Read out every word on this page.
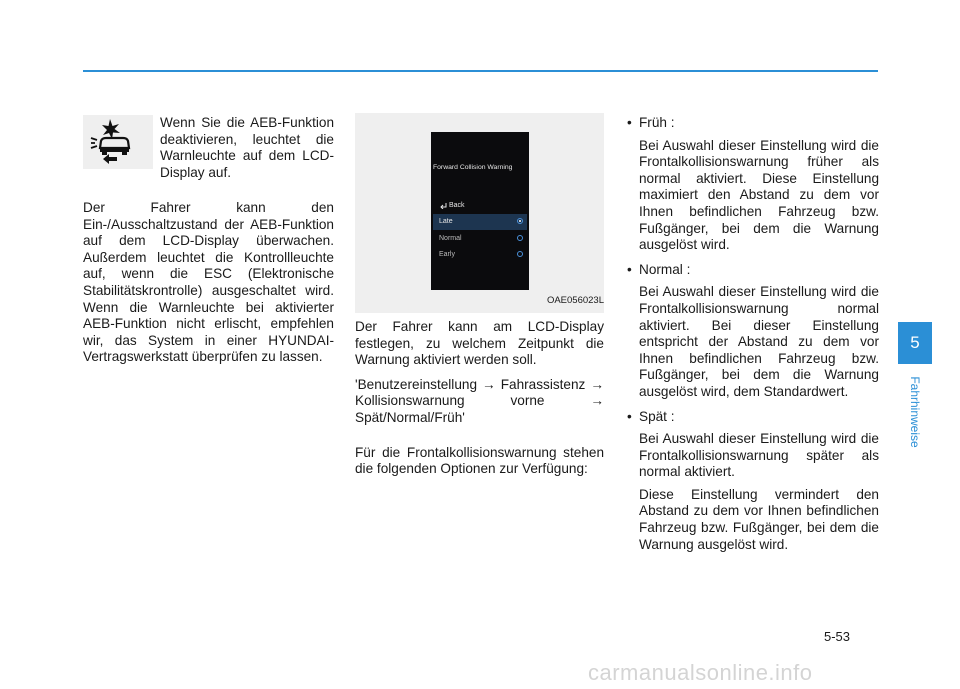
Wenn Sie die AEB-Funktion deaktivieren, leuchtet die Warnleuchte auf dem LCD-Display auf.

Der Fahrer kann den Ein-/Ausschaltzustand der AEB-Funktion auf dem LCD-Display überwachen. Außerdem leuchtet die Kontrollleuchte auf, wenn die ESC (Elektronische Stabilitätskrontrolle) ausgeschaltet wird. Wenn die Warnleuchte bei aktivierter AEB-Funktion nicht erlischt, empfehlen wir, das System in einer HYUNDAI-Vertragswerkstatt überprüfen zu lassen.

Forward Collision Warning
Back
Late
Normal
Early
OAE056023L

Der Fahrer kann am LCD-Display festlegen, zu welchem Zeitpunkt die Warnung aktiviert werden soll.

'Benutzereinstellung → Fahrassistenz → Kollisionswarnung vorne → Spät/Normal/Früh'

Für die Frontalkollisionswarnung stehen die folgenden Optionen zur Verfügung:

• Früh :

Bei Auswahl dieser Einstellung wird die Frontalkollisionswarnung früher als normal aktiviert. Diese Einstellung maximiert den Abstand zu dem vor Ihnen befindlichen Fahrzeug bzw. Fußgänger, bei dem die Warnung ausgelöst wird.

• Normal :

Bei Auswahl dieser Einstellung wird die Frontalkollisionswarnung normal aktiviert. Bei dieser Einstellung entspricht der Abstand zu dem vor Ihnen befindlichen Fahrzeug bzw. Fußgänger, bei dem die Warnung ausgelöst wird, dem Standardwert.

• Spät :

Bei Auswahl dieser Einstellung wird die Frontalkollisionswarnung später als normal aktiviert.

Diese Einstellung vermindert den Abstand zu dem vor Ihnen befindlichen Fahrzeug bzw. Fußgänger, bei dem die Warnung ausgelöst wird.

5
Fahrhinweise
5-53
carmanualsonline.info
